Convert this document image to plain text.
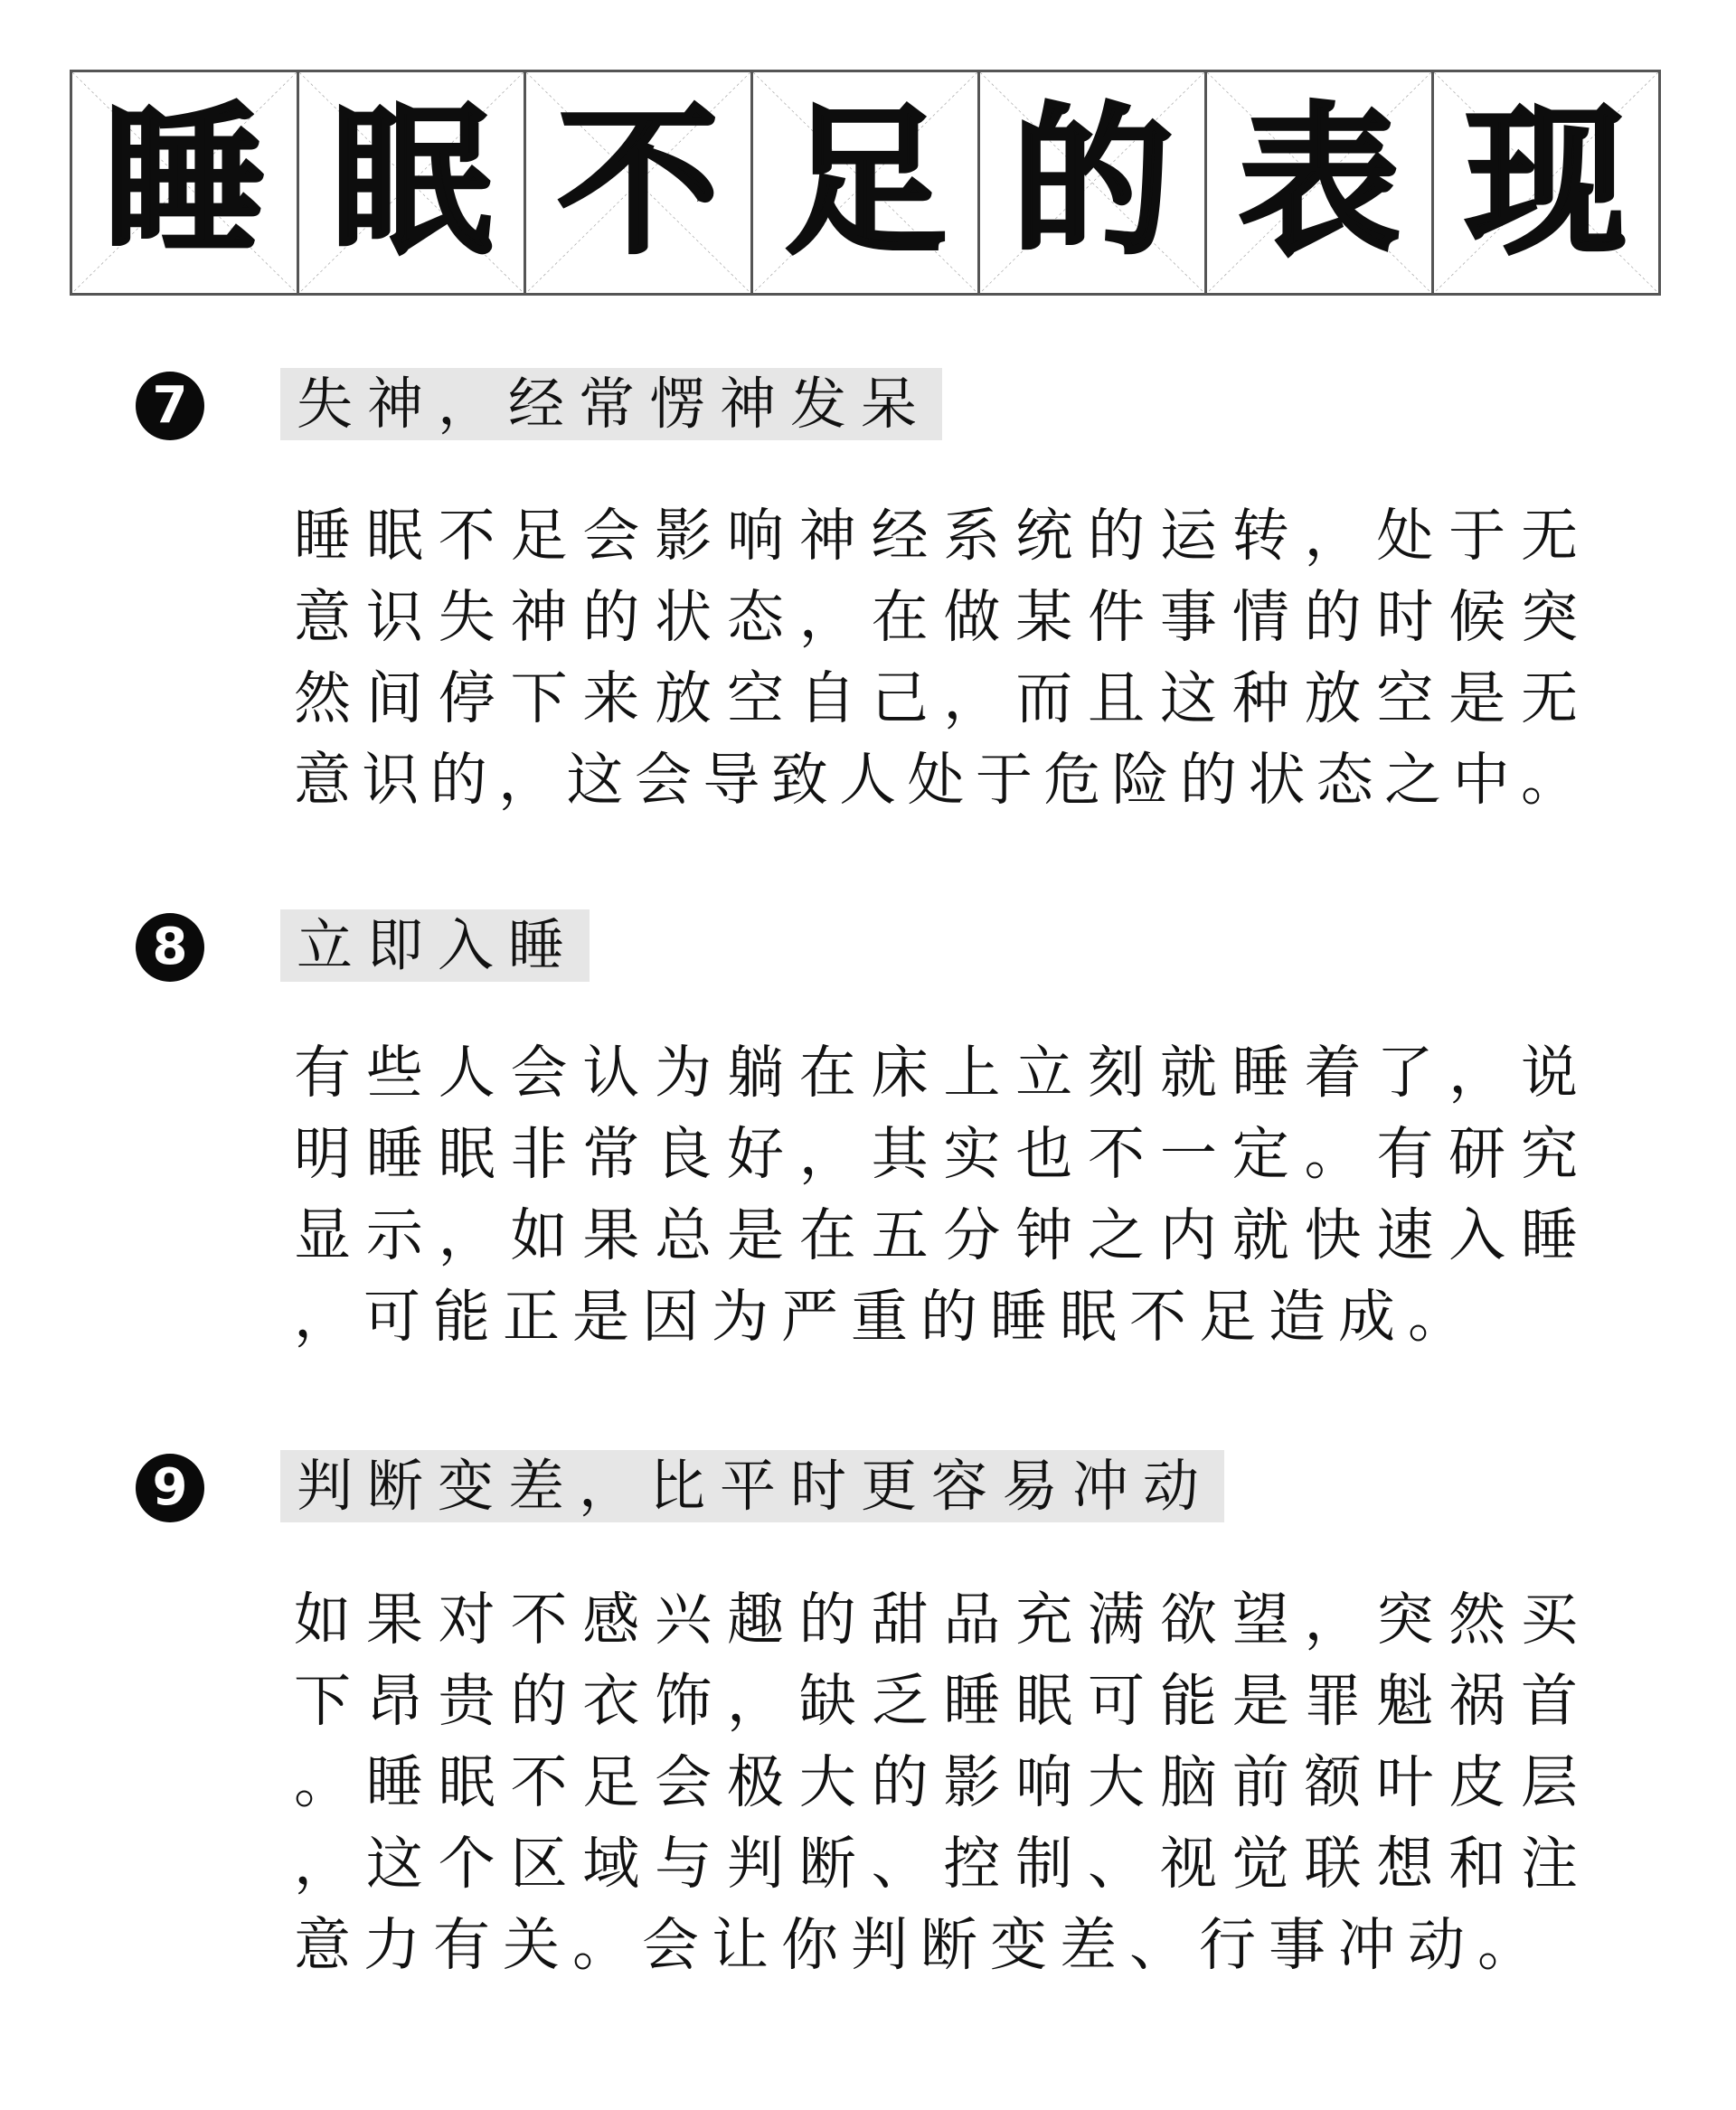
睡 眠 不 足 的 表 现
7 失神，经常愣神发呆
睡眠不足会影响神经系统的运转，处于无
意识失神的状态，在做某件事情的时候突
然间停下来放空自己，而且这种放空是无
意识的，这会导致人处于危险的状态之中。
8 立即入睡
有些人会认为躺在床上立刻就睡着了，说
明睡眠非常良好，其实也不一定。有研究
显示，如果总是在五分钟之内就快速入睡
，可能正是因为严重的睡眠不足造成。
9 判断变差，比平时更容易冲动
如果对不感兴趣的甜品充满欲望，突然买
下昂贵的衣饰，缺乏睡眠可能是罪魁祸首
。睡眠不足会极大的影响大脑前额叶皮层
，这个区域与判断、控制、视觉联想和注
意力有关。会让你判断变差、行事冲动。
